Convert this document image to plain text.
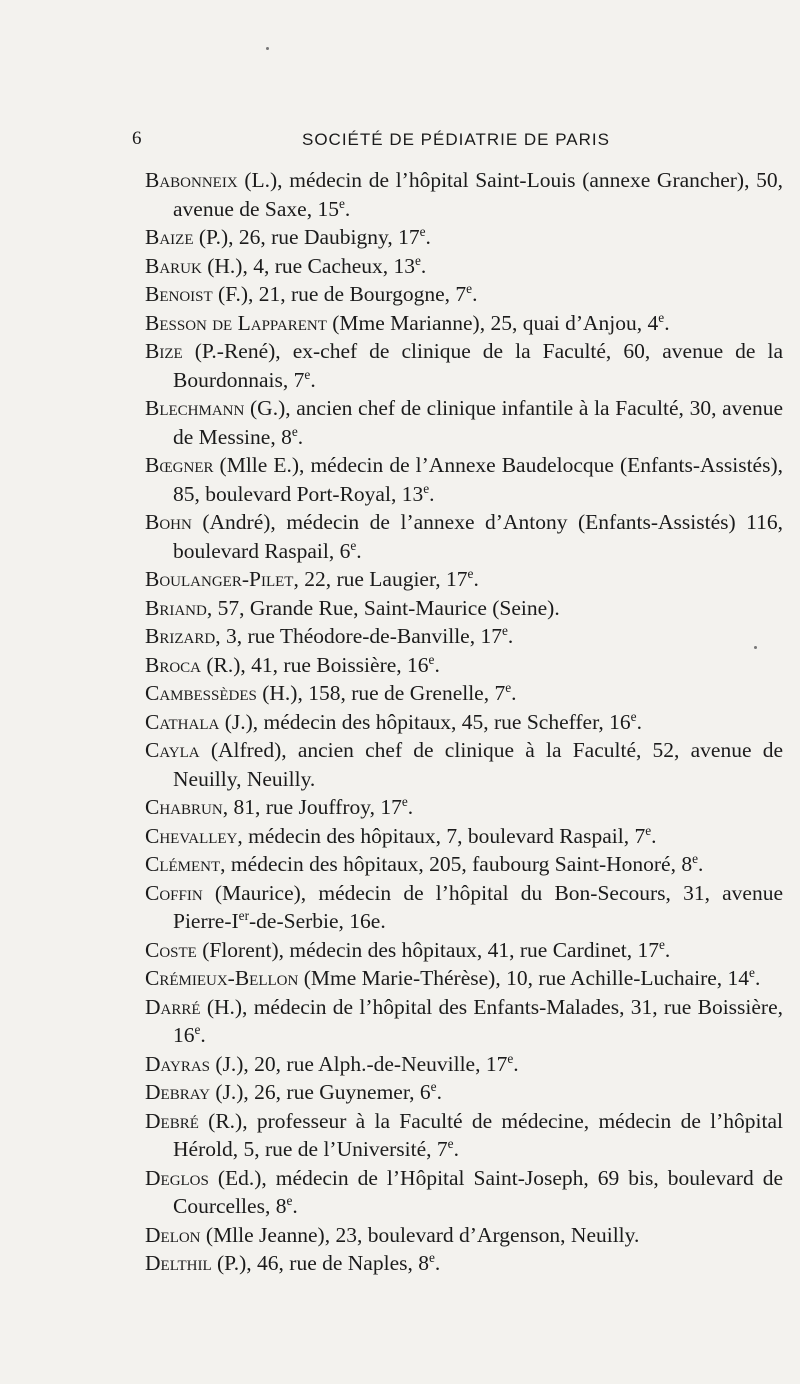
6	SOCIÉTÉ DE PÉDIATRIE DE PARIS

Babonneix (L.), médecin de l’hôpital Saint-Louis (annexe Grancher), 50, avenue de Saxe, 15e.

Baize (P.), 26, rue Daubigny, 17e.

Baruk (H.), 4, rue Cacheux, 13e.

Benoist (F.), 21, rue de Bourgogne, 7e.

Besson de Lapparent (Mme Marianne), 25, quai d’Anjou, 4e.

Bize (P.-René), ex-chef de clinique de la Faculté, 60, avenue de la Bourdonnais, 7e.

Blechmann (G.), ancien chef de clinique infantile à la Faculté, 30, avenue de Messine, 8e.

Bœgner (Mlle E.), médecin de l’Annexe Baudelocque (Enfants-Assistés), 85, boulevard Port-Royal, 13e.

Bohn (André), médecin de l’annexe d’Antony (Enfants-Assistés) 116, boulevard Raspail, 6e.

Boulanger-Pilet, 22, rue Laugier, 17e.

Briand, 57, Grande Rue, Saint-Maurice (Seine).

Brizard, 3, rue Théodore-de-Banville, 17e.

Broca (R.), 41, rue Boissière, 16e.

Cambessèdes (H.), 158, rue de Grenelle, 7e.

Cathala (J.), médecin des hôpitaux, 45, rue Scheffer, 16e.

Cayla (Alfred), ancien chef de clinique à la Faculté, 52, avenue de Neuilly, Neuilly.

Chabrun, 81, rue Jouffroy, 17e.

Chevalley, médecin des hôpitaux, 7, boulevard Raspail, 7e.

Clément, médecin des hôpitaux, 205, faubourg Saint-Honoré, 8e.

Coffin (Maurice), médecin de l’hôpital du Bon-Secours, 31, avenue Pierre-Ier-de-Serbie, 16e.

Coste (Florent), médecin des hôpitaux, 41, rue Cardinet, 17e.

Crémieux-Bellon (Mme Marie-Thérèse), 10, rue Achille-Luchaire, 14e.

Darré (H.), médecin de l’hôpital des Enfants-Malades, 31, rue Boissière, 16e.

Dayras (J.), 20, rue Alph.-de-Neuville, 17e.

Debray (J.), 26, rue Guynemer, 6e.

Debré (R.), professeur à la Faculté de médecine, médecin de l’hôpital Hérold, 5, rue de l’Université, 7e.

Deglos (Ed.), médecin de l’Hôpital Saint-Joseph, 69 bis, boulevard de Courcelles, 8e.

Delon (Mlle Jeanne), 23, boulevard d’Argenson, Neuilly.

Delthil (P.), 46, rue de Naples, 8e.
